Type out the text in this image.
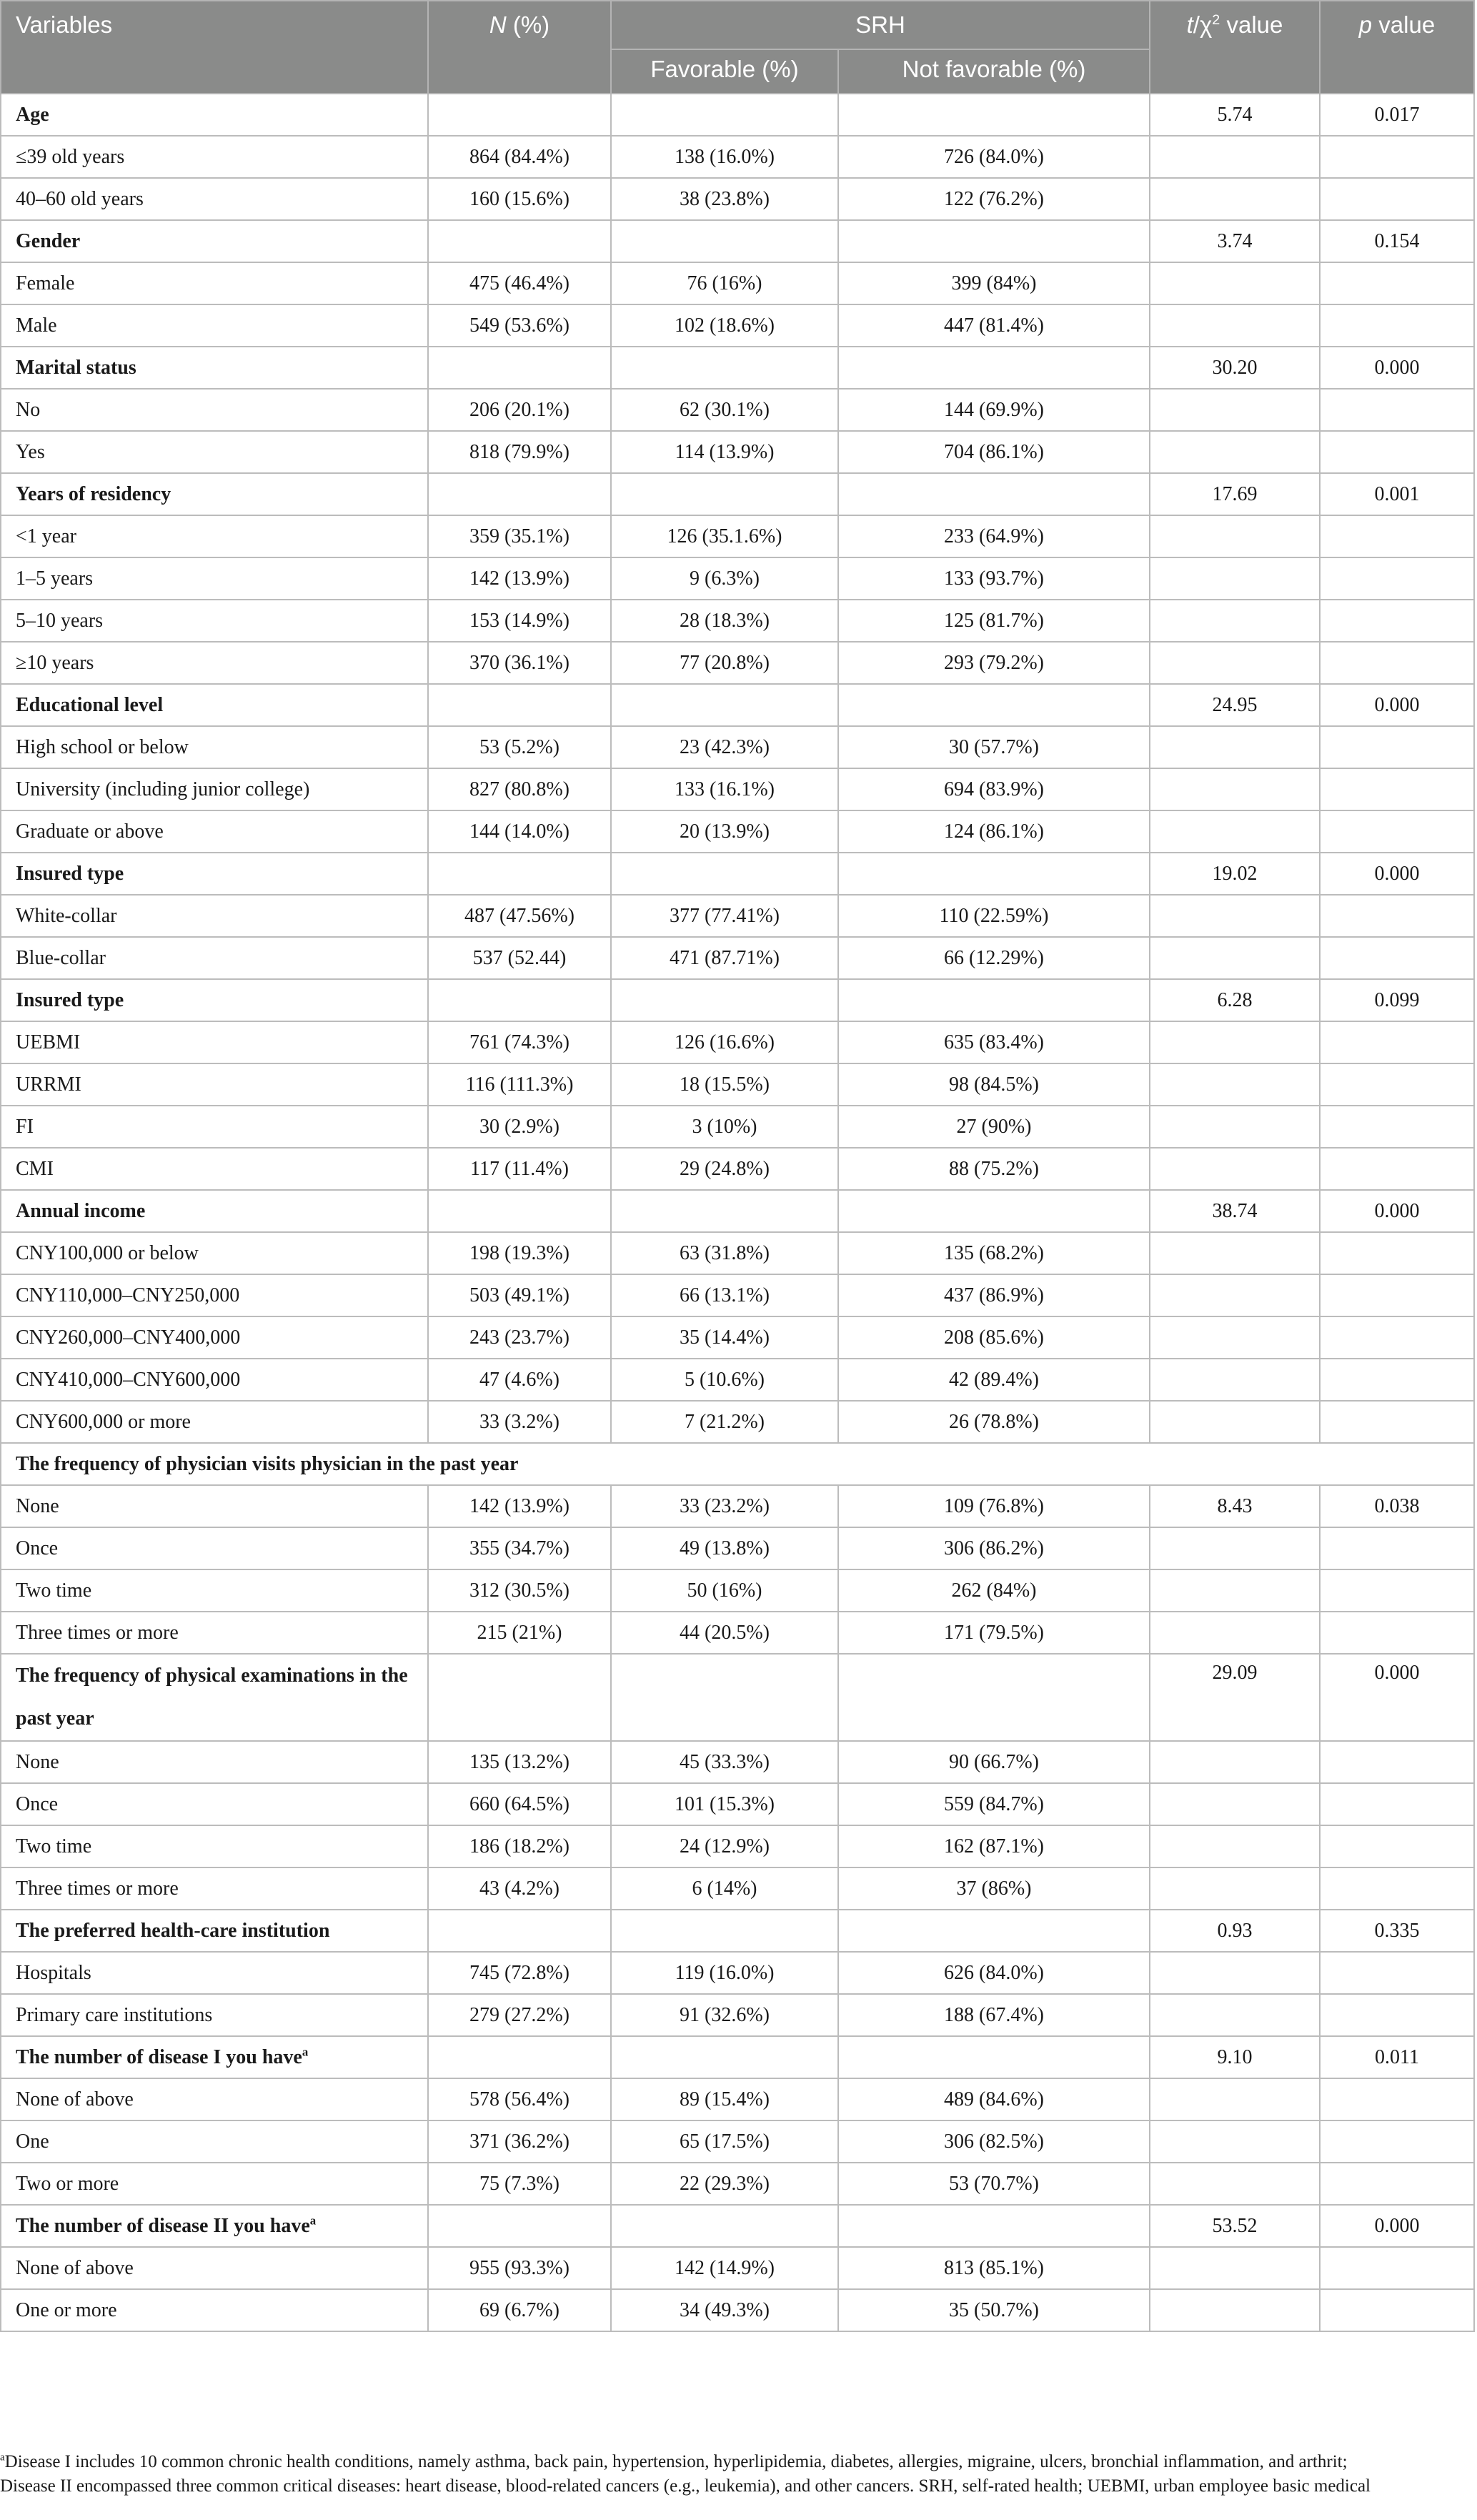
Variables	N (%)	SRH		$t/\chi^2$ value	p value
		Favorable (%)	Not favorable (%)		
Age				5.74	0.017
≤39 old years	864 (84.4%)	138 (16.0%)	726 (84.0%)		
40–60 old years	160 (15.6%)	38 (23.8%)	122 (76.2%)		
Gender				3.74	0.154
Female	475 (46.4%)	76 (16%)	399 (84%)		
Male	549 (53.6%)	102 (18.6%)	447 (81.4%)		
Marital status				30.20	0.000
No	206 (20.1%)	62 (30.1%)	144 (69.9%)		
Yes	818 (79.9%)	114 (13.9%)	704 (86.1%)		
Years of residency				17.69	0.001
<1 year	359 (35.1%)	126 (35.1.6%)	233 (64.9%)		
1–5 years	142 (13.9%)	9 (6.3%)	133 (93.7%)		
5–10 years	153 (14.9%)	28 (18.3%)	125 (81.7%)		
≥10 years	370 (36.1%)	77 (20.8%)	293 (79.2%)		
Educational level				24.95	0.000
High school or below	53 (5.2%)	23 (42.3%)	30 (57.7%)		
University (including junior college)	827 (80.8%)	133 (16.1%)	694 (83.9%)		
Graduate or above	144 (14.0%)	20 (13.9%)	124 (86.1%)		
Insured type				19.02	0.000
White-collar	487 (47.56%)	377 (77.41%)	110 (22.59%)		
Blue-collar	537 (52.44)	471 (87.71%)	66 (12.29%)		
Insured type				6.28	0.099
UEBMI	761 (74.3%)	126 (16.6%)	635 (83.4%)		
URRMI	116 (111.3%)	18 (15.5%)	98 (84.5%)		
FI	30 (2.9%)	3 (10%)	27 (90%)		
CMI	117 (11.4%)	29 (24.8%)	88 (75.2%)		
Annual income				38.74	0.000
CNY100,000 or below	198 (19.3%)	63 (31.8%)	135 (68.2%)		
CNY110,000–CNY250,000	503 (49.1%)	66 (13.1%)	437 (86.9%)		
CNY260,000–CNY400,000	243 (23.7%)	35 (14.4%)	208 (85.6%)		
CNY410,000–CNY600,000	47 (4.6%)	5 (10.6%)	42 (89.4%)		
CNY600,000 or more	33 (3.2%)	7 (21.2%)	26 (78.8%)		
The frequency of physician visits physician in the past year					
None	142 (13.9%)	33 (23.2%)	109 (76.8%)	8.43	0.038
Once	355 (34.7%)	49 (13.8%)	306 (86.2%)		
Two time	312 (30.5%)	50 (16%)	262 (84%)		
Three times or more	215 (21%)	44 (20.5%)	171 (79.5%)		
The frequency of physical examinations in the past year				29.09	0.000
None	135 (13.2%)	45 (33.3%)	90 (66.7%)		
Once	660 (64.5%)	101 (15.3%)	559 (84.7%)		
Two time	186 (18.2%)	24 (12.9%)	162 (87.1%)		
Three times or more	43 (4.2%)	6 (14%)	37 (86%)		
The preferred health-care institution				0.93	0.335
Hospitals	745 (72.8%)	119 (16.0%)	626 (84.0%)		
Primary care institutions	279 (27.2%)	91 (32.6%)	188 (67.4%)		
The number of disease I you have$^a$				9.10	0.011
None of above	578 (56.4%)	89 (15.4%)	489 (84.6%)		
One	371 (36.2%)	65 (17.5%)	306 (82.5%)		
Two or more	75 (7.3%)	22 (29.3%)	53 (70.7%)		
The number of disease II you have$^a$				53.52	0.000
None of above	955 (93.3%)	142 (14.9%)	813 (85.1%)		
One or more	69 (6.7%)	34 (49.3%)	35 (50.7%)		
$^a$Disease I includes 10 common chronic health conditions, namely asthma, back pain, hypertension, hyperlipidemia, diabetes, allergies, migraine, ulcers, bronchial inflammation, and arthrit;
Disease II encompassed three common critical diseases: heart disease, blood-related cancers (e.g., leukemia), and other cancers. SRH, self-rated health; UEBMI, urban employee basic medical
